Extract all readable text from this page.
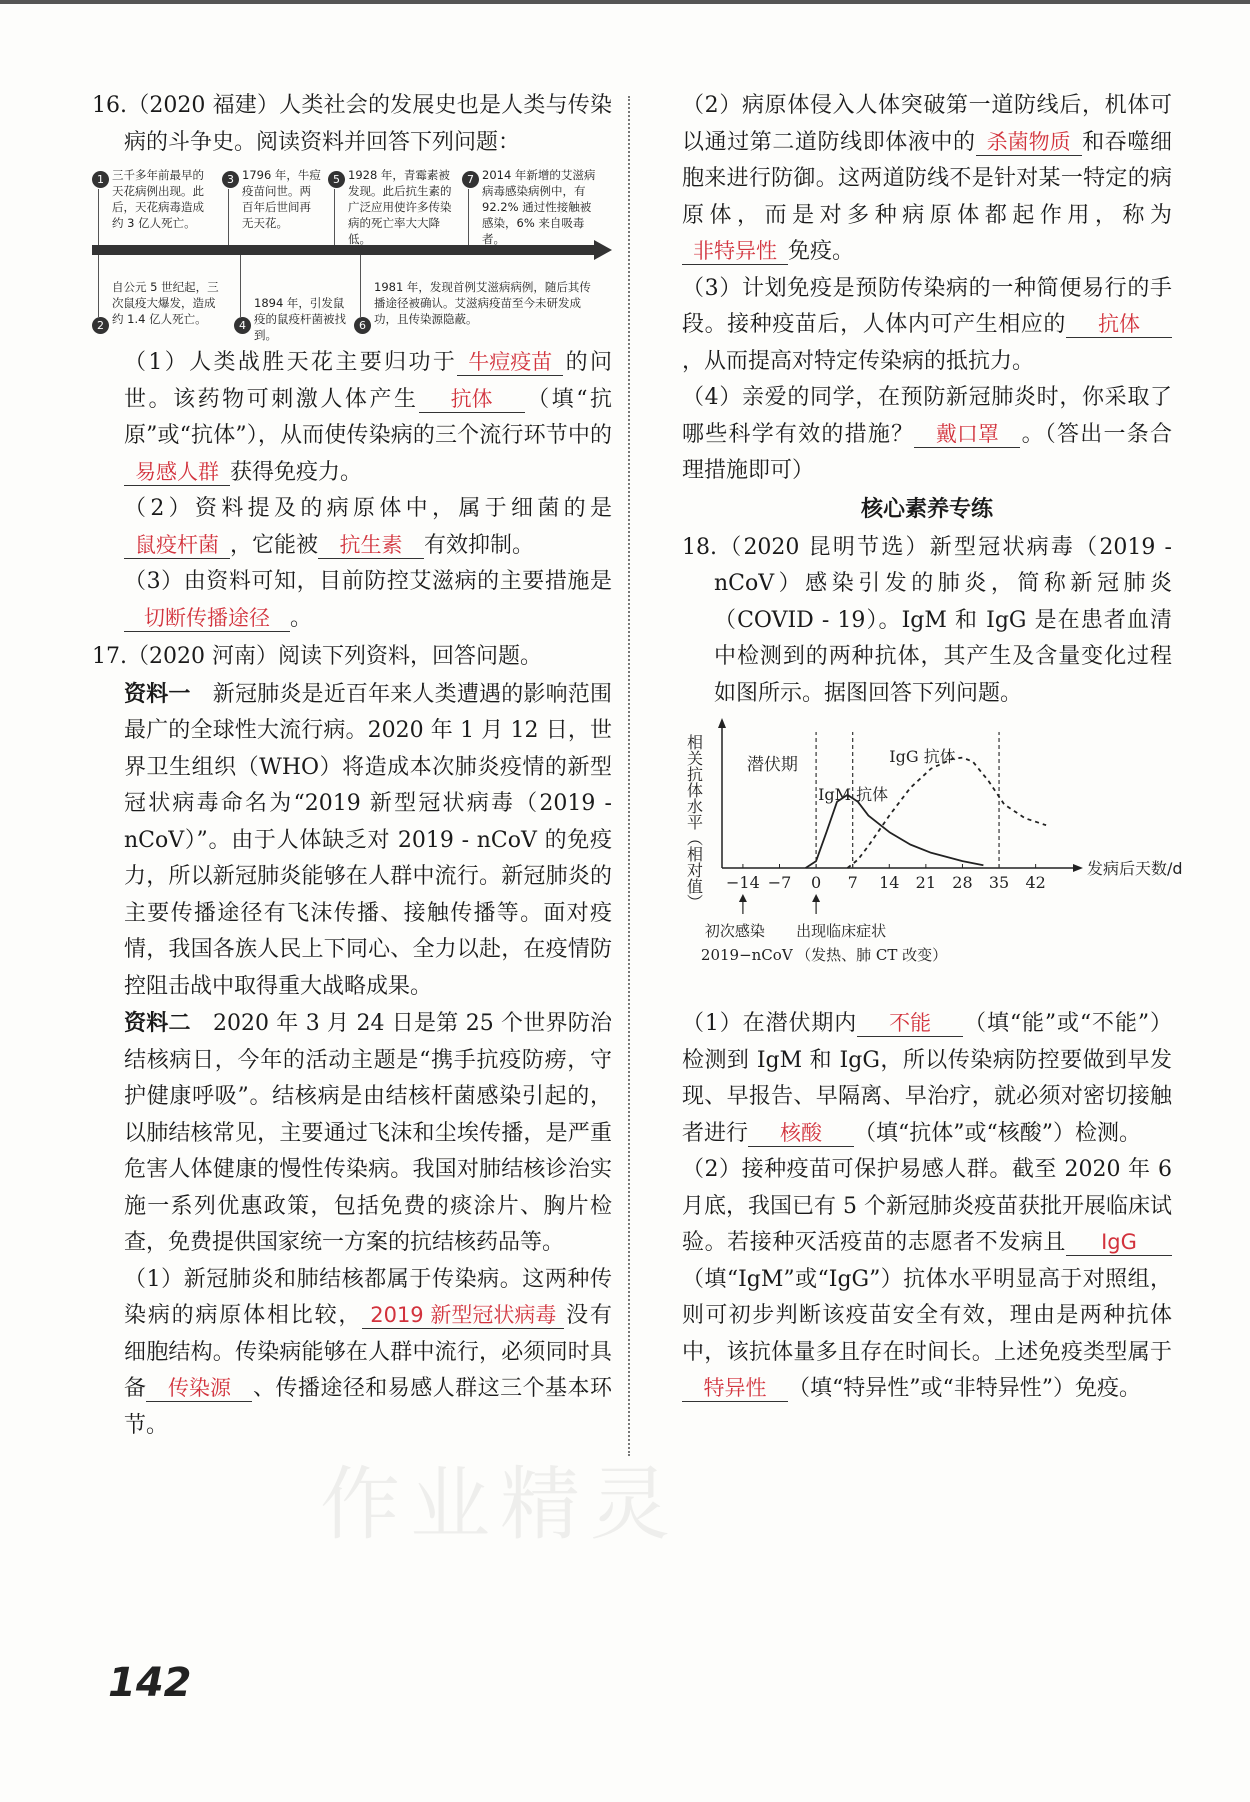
16.（2020 福建）人类社会的发展史也是人类与传染病的斗争史。阅读资料并回答下列问题：

1 三千多年前最早的天花病例出现。此后，天花病毒造成约 3 亿人死亡。
3 1796 年，牛痘疫苗问世。两百年后世间再无天花。
5 1928 年，青霉素被发现。此后抗生素的广泛应用使许多传染病的死亡率大大降低。
7 2014 年新增的艾滋病病毒感染病例中，有 92.2% 通过性接触被感染，6% 来自吸毒者。
2
自公元 5 世纪起，三次鼠疫大爆发，造成约 1.4 亿人死亡。	4
1894 年，引发鼠疫的鼠疫杆菌被找到。
6
1981 年，发现首例艾滋病病例，随后其传播途径被确认。艾滋病疫苗至今未研发成功，且传染源隐蔽。

（1）人类战胜天花主要归功于 牛痘疫苗 的问世。该药物可刺激人体产生 抗体 （填“抗原”或“抗体”），从而使传染病的三个流行环节中的易感人群 获得免疫力。

（2）资料提及的病原体中，属于细菌的是鼠疫杆菌 ，它能被 抗生素 有效抑制。

（3）由资料可知，目前防控艾滋病的主要措施是切断传播途径 。

17.（2020 河南）阅读下列资料，回答问题。

资料一　 新冠肺炎是近百年来人类遭遇的影响范围最广的全球性大流行病。2020 年 1 月 12 日，世界卫生组织（WHO）将造成本次肺炎疫情的新型冠状病毒命名为“2019 新型冠状病毒（2019 - nCoV）”。由于人体缺乏对 2019 - nCoV 的免疫力，所以新冠肺炎能够在人群中流行。新冠肺炎的主要传播途径有飞沫传播、接触传播等。面对疫情，我国各族人民上下同心、全力以赴，在疫情防控阻击战中取得重大战略成果。

资料二　 2020 年 3 月 24 日是第 25 个世界防治结核病日，今年的活动主题是“携手抗疫防痨，守护健康呼吸”。结核病是由结核杆菌感染引起的，以肺结核常见，主要通过飞沫和尘埃传播，是严重危害人体健康的慢性传染病。我国对肺结核诊治实施一系列优惠政策，包括免费的痰涂片、胸片检查，免费提供国家统一方案的抗结核药品等。

（1）新冠肺炎和肺结核都属于传染病。这两种传染病的病原体相比较， 2019 新型冠状病毒 没有细胞结构。传染病能够在人群中流行，必须同时具备 传染源 、传播途径和易感人群这三个基本环节。

（2）病原体侵入人体突破第一道防线后，机体可以通过第二道防线即体液中的 杀菌物质 和吞噬细胞来进行防御。这两道防线不是针对某一特定的病原体，而是对多种病原体都起作用，称为非特异性 免疫。

（3）计划免疫是预防传染病的一种简便易行的手段。接种疫苗后，人体内可产生相应的 抗体，从而提高对特定传染病的抵抗力。

（4）亲爱的同学，在预防新冠肺炎时，你采取了哪些科学有效的措施？ 戴口罩 。（答出一条合理措施即可）

核心素养专练

18.（2020 昆明节选）新型冠状病毒（2019 - nCoV）感染引发的肺炎，简称新冠肺炎（COVID - 19）。IgM 和 IgG 是在患者血清中检测到的两种抗体，其产生及含量变化过程如图所示。据图回答下列问题。

相关抗体水平（相对值）	发病后天数/d
−14 −7 0 7 14 21 28 35 42
潜伏期
IgM 抗体
IgG 抗体
初次感染
2019−nCoV
出现临床症状
（发热、肺 CT 改变）

（1）在潜伏期内 不能 （填“能”或“不能”）检测到 IgM 和 IgG，所以传染病防控要做到早发现、早报告、早隔离、早治疗，就必须对密切接触者进行 核酸 （填“抗体”或“核酸”）检测。

（2）接种疫苗可保护易感人群。截至 2020 年 6 月底，我国已有 5 个新冠肺炎疫苗获批开展临床试验。若接种灭活疫苗的志愿者不发病且 IgG（填“IgM”或“IgG”）抗体水平明显高于对照组，则可初步判断该疫苗安全有效，理由是两种抗体中，该抗体量多且存在时间长。上述免疫类型属于特异性 （填“特异性”或“非特异性”）免疫。

作业精灵
142
